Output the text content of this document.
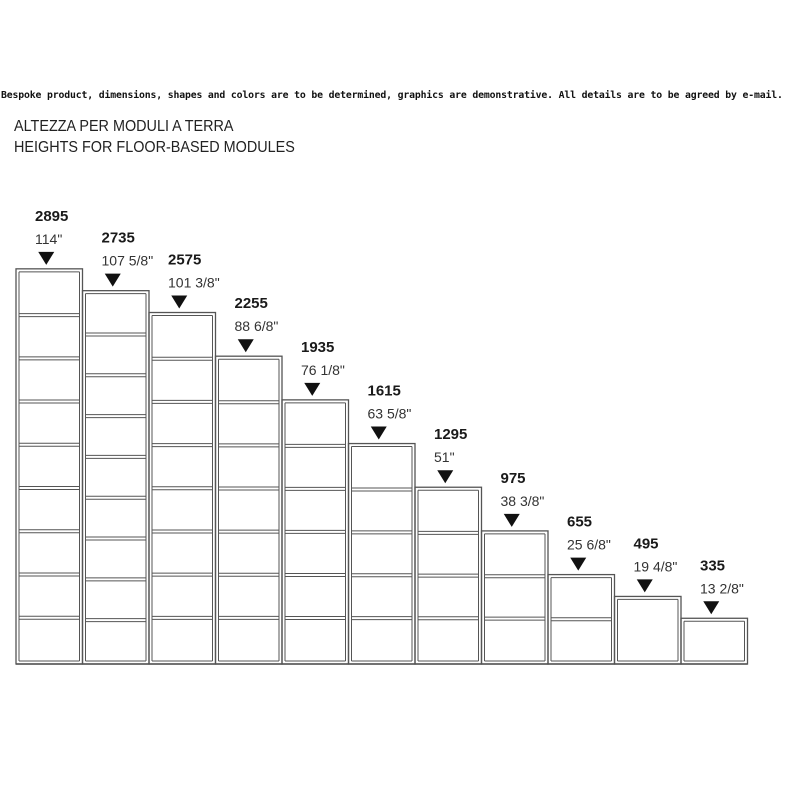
Bespoke product, dimensions, shapes and colors are to be determined, graphics are demonstrative. All details are to be agreed by e-mail.
ALTEZZA PER MODULI A TERRA
HEIGHTS FOR FLOOR-BASED MODULES
114"
2895
107 5/8"
2735
101 3/8"
2575
88 6/8"
2255
76 1/8"
1935
63 5/8"
1615
51"
1295
38 3/8"
975
25 6/8"
655
19 4/8"
495
13 2/8"
335
